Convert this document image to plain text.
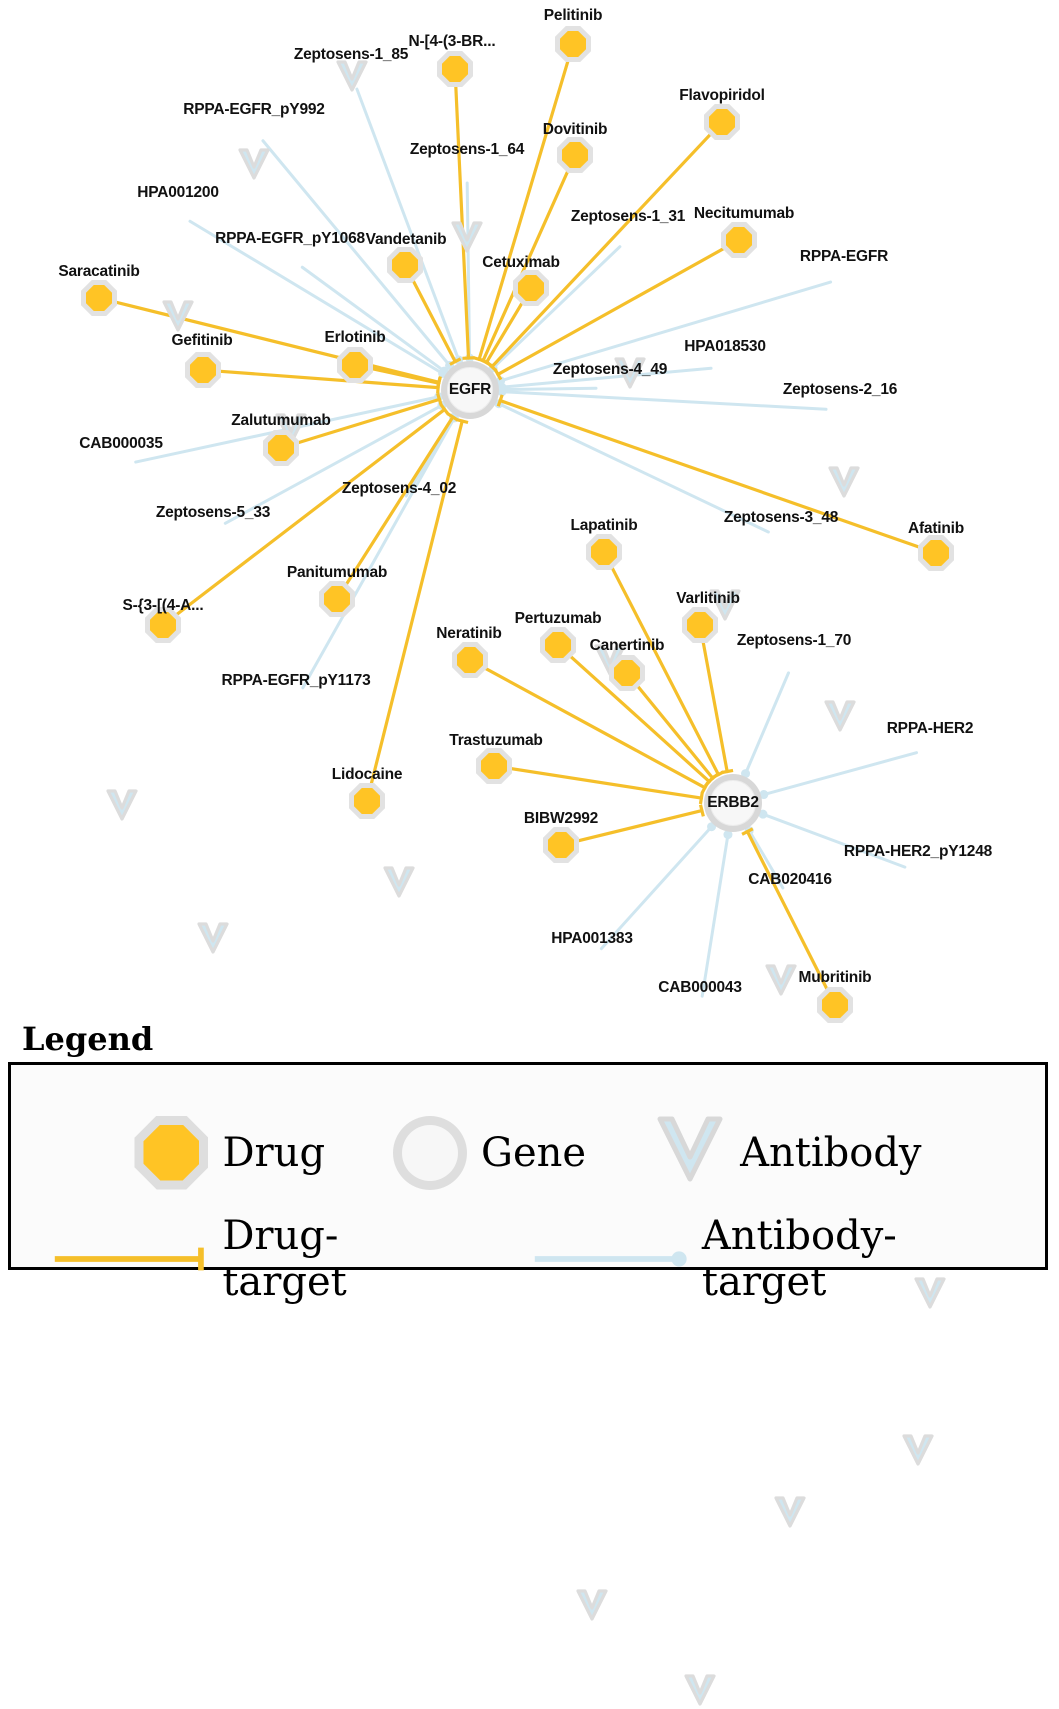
Zeptosens-1_85
RPPA-EGFR_pY992
Zeptosens-1_64
HPA001200
Zeptosens-1_31
RPPA-EGFR_pY1068
RPPA-EGFR
HPA018530
Zeptosens-4_49
Zeptosens-2_16
CAB000035
Zeptosens-4_02
Zeptosens-5_33	Zeptosens-3_48
Zeptosens-1_70
RPPA-EGFR_pY1173
RPPA-HER2
RPPA-HER2_pY1248
CAB020416
HPA001383
CAB000043
Pelitinib
N-[4-(3-BR...
Flavopiridol
Dovitinib
Necitumumab
Vandetanib
Cetuximab
Saracatinib
Erlotinib
Gefitinib
Zalutumumab
Afatinib
Lapatinib
Varlitinib
Panitumumab
S-{3-[(4-A...
Pertuzumab
Neratinib
Canertinib
Trastuzumab
Lidocaine
BIBW2992
Mubritinib
EGFR
ERBB2
Legend
Drug	Gene	Antibody
Drug-target
Antibody-target
